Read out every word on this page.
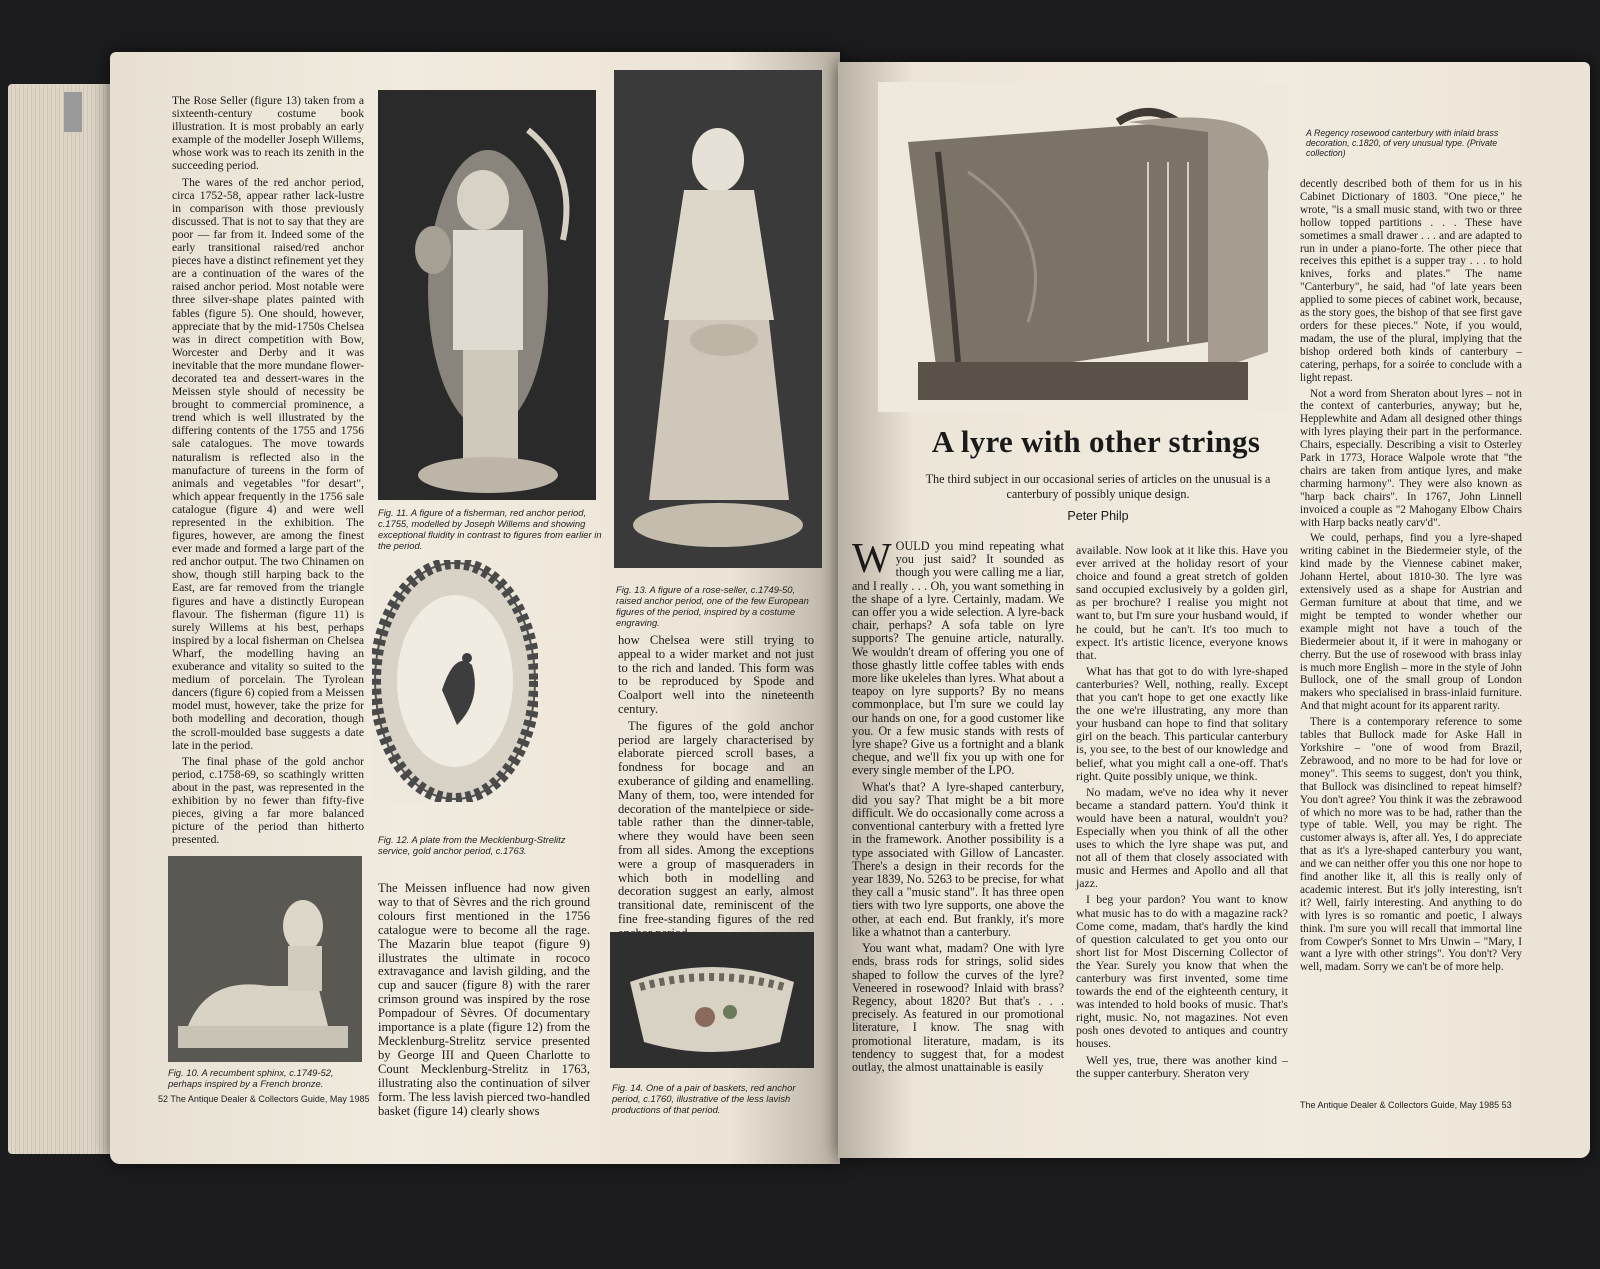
The Rose Seller (figure 13) taken from a sixteenth-century costume book illustration. It is most probably an early example of the modeller Joseph Willems, whose work was to reach its zenith in the succeeding period.

The wares of the red anchor period, circa 1752-58, appear rather lack-lustre in comparison with those previously discussed. That is not to say that they are poor — far from it. Indeed some of the early transitional raised/red anchor pieces have a distinct refinement yet they are a continuation of the wares of the raised anchor period. Most notable were three silver-shape plates painted with fables (figure 5). One should, however, appreciate that by the mid-1750s Chelsea was in direct competition with Bow, Worcester and Derby and it was inevitable that the more mundane flower-decorated tea and dessert-wares in the Meissen style should of necessity be brought to commercial prominence, a trend which is well illustrated by the differing contents of the 1755 and 1756 sale catalogues. The move towards naturalism is reflected also in the manufacture of tureens in the form of animals and vegetables "for desart", which appear frequently in the 1756 sale catalogue (figure 4) and were well represented in the exhibition. The figures, however, are among the finest ever made and formed a large part of the red anchor output. The two Chinamen on show, though still harping back to the East, are far removed from the triangle figures and have a distinctly European flavour. The fisherman (figure 11) is surely Willems at his best, perhaps inspired by a local fisherman on Chelsea Wharf, the modelling having an exuberance and vitality so suited to the medium of porcelain. The Tyrolean dancers (figure 6) copied from a Meissen model must, however, take the prize for both modelling and decoration, though the scroll-moulded base suggests a date late in the period.

The final phase of the gold anchor period, c.1758-69, so scathingly written about in the past, was represented in the exhibition by no fewer than fifty-five pieces, giving a far more balanced picture of the period than hitherto presented.

Fig. 11. A figure of a fisherman, red anchor period, c.1755, modelled by Joseph Willems and showing exceptional fluidity in contrast to figures from earlier in the period.
Fig. 13. A figure of a rose-seller, c.1749-50, raised anchor period, one of the few European figures of the period, inspired by a costume engraving.
Fig. 12. A plate from the Mecklenburg-Strelitz service, gold anchor period, c.1763.

how Chelsea were still trying to appeal to a wider market and not just to the rich and landed. This form was to be reproduced by Spode and Coalport well into the nineteenth century.

The figures of the gold anchor period are largely characterised by elaborate pierced scroll bases, a fondness for bocage and an exuberance of gilding and enamelling. Many of them, too, were intended for decoration of the mantelpiece or side-table rather than the dinner-table, where they would have been seen from all sides. Among the exceptions were a group of masqueraders in which both in modelling and decoration suggest an early, almost transitional date, reminiscent of the fine free-standing figures of the red

Fig. 10. A recumbent sphinx, c.1749-52, perhaps inspired by a French bronze.

The Meissen influence had now given way to that of Sèvres and the rich ground colours first mentioned in the 1756 catalogue were to become all the rage. The Mazarin blue teapot (figure 9) illustrates the ultimate in rococo extravagance and lavish gilding, and the cup and saucer (figure 8) with the rarer crimson ground was inspired by the rose Pompadour of Sèvres. Of documentary importance is a plate (figure 12) from the Mecklenburg-Strelitz service presented by George III and Queen Charlotte to Count Mecklenburg-Strelitz in 1763, illustrating also the continuation of silver form. The less lavish pierced two-handled basket (figure 14) clearly shows

Fig. 14. One of a pair of baskets, red anchor period, c.1760, illustrative of the less lavish productions of that period.
52 The Antique Dealer & Collectors Guide, May 1985
A Regency rosewood canterbury with inlaid brass decoration, c.1820, of very unusual type. (Private collection)
A lyre with other strings
The third subject in our occasional series of articles on the unusual is a canterbury of possibly unique design.
Peter Philp

WOULD you mind repeating what you just said? It sounded as though you were calling me a liar, and I really . . . Oh, you want something in the shape of a lyre. Certainly, madam. We can offer you a wide selection. A lyre-back chair, perhaps? A sofa table on lyre supports? The genuine article, naturally. We wouldn't dream of offering you one of those ghastly little coffee tables with ends more like ukeleles than lyres. What about a teapoy on lyre supports? By no means commonplace, but I'm sure we could lay our hands on one, for a good customer like you. Or a few music stands with rests of lyre shape? Give us a fortnight and a blank cheque, and we'll fix you up with one for every single member of the LPO.

What's that? A lyre-shaped canterbury, did you say? That might be a bit more difficult. We do occasionally come across a conventional canterbury with a fretted lyre in the framework. Another possibility is a type associated with Gillow of Lancaster. There's a design in their records for the year 1839, No. 5263 to be precise, for what they call a "music stand". It has three open tiers with two lyre supports, one above the other, at each end. But frankly, it's more like a whatnot than a canterbury.

You want what, madam? One with lyre ends, brass rods for strings, solid sides shaped to follow the curves of the lyre? Veneered in rosewood? Inlaid with brass? Regency, about 1820? But that's . . . precisely. As featured in our promotional literature, I know. The snag with promotional literature, madam, is its tendency to suggest that, for a modest outlay, the almost unattainable is easily

available. Now look at it like this. Have you ever arrived at the holiday resort of your choice and found a great stretch of golden sand occupied exclusively by a golden girl, as per brochure? I realise you might not want to, but I'm sure your husband would, if he could, but he can't. It's too much to expect. It's artistic licence, everyone knows that.

What has that got to do with lyre-shaped canterburies? Well, nothing, really. Except that you can't hope to get one exactly like the one we're illustrating, any more than your husband can hope to find that solitary girl on the beach. This particular canterbury is, you see, to the best of our knowledge and belief, what you might call a one-off. That's right. Quite possibly unique, we think.

No madam, we've no idea why it never became a standard pattern. You'd think it would have been a natural, wouldn't you? Especially when you think of all the other uses to which the lyre shape was put, and not all of them that closely associated with music and Hermes and Apollo and all that jazz.

I beg your pardon? You want to know what music has to do with a magazine rack? Come come, madam, that's hardly the kind of question calculated to get you onto our short list for Most Discerning Collector of the Year. Surely you know that when the canterbury was first invented, some time towards the end of the eighteenth century, it was intended to hold books of music. That's right, music. No, not magazines. Not even posh ones devoted to antiques and country houses.

Well yes, true, there was another kind – the supper canterbury. Sheraton very

decently described both of them for us in his Cabinet Dictionary of 1803. "One piece," he wrote, "is a small music stand, with two or three hollow topped partitions . . . These have sometimes a small drawer . . . and are adapted to run in under a piano-forte. The other piece that receives this epithet is a supper tray . . . to hold knives, forks and plates." The name "Canterbury", he said, had "of late years been applied to some pieces of cabinet work, because, as the story goes, the bishop of that see first gave orders for these pieces." Note, if you would, madam, the use of the plural, implying that the bishop ordered both kinds of canterbury – catering, perhaps, for a soirée to conclude with a light repast.

Not a word from Sheraton about lyres – not in the context of canterburies, anyway; but he, Hepplewhite and Adam all designed other things with lyres playing their part in the performance. Chairs, especially. Describing a visit to Osterley Park in 1773, Horace Walpole wrote that "the chairs are taken from antique lyres, and make charming harmony". They were also known as "harp back chairs". In 1767, John Linnell invoiced a couple as "2 Mahogany Elbow Chairs with Harp backs neatly carv'd".

We could, perhaps, find you a lyre-shaped writing cabinet in the Biedermeier style, of the kind made by the Viennese cabinet maker, Johann Hertel, about 1810-30. The lyre was extensively used as a shape for Austrian and German furniture at about that time, and we might be tempted to wonder whether our example might not have a touch of the Biedermeier about it, if it were in mahogany or cherry. But the use of rosewood with brass inlay is much more English – more in the style of John Bullock, one of the small group of London makers who specialised in brass-inlaid furniture. And that might acount for its apparent rarity.

There is a contemporary reference to some tables that Bullock made for Aske Hall in Yorkshire – "one of wood from Brazil, Zebrawood, and no more to be had for love or money". This seems to suggest, don't you think, that Bullock was disinclined to repeat himself? You don't agree? You think it was the zebrawood of which no more was to be had, rather than the type of table. Well, you may be right. The customer always is, after all. Yes, I do appreciate that as it's a lyre-shaped canterbury you want, and we can neither offer you this one nor hope to find another like it, all this is really only of academic interest. But it's jolly interesting, isn't it? Well, fairly interesting. And anything to do with lyres is so romantic and poetic, I always think. I'm sure you will recall that immortal line from Cowper's Sonnet to Mrs Unwin – "Mary, I want a lyre with other strings". You don't? Very well, madam. Sorry we can't be of more help.

The Antique Dealer & Collectors Guide, May 1985 53
